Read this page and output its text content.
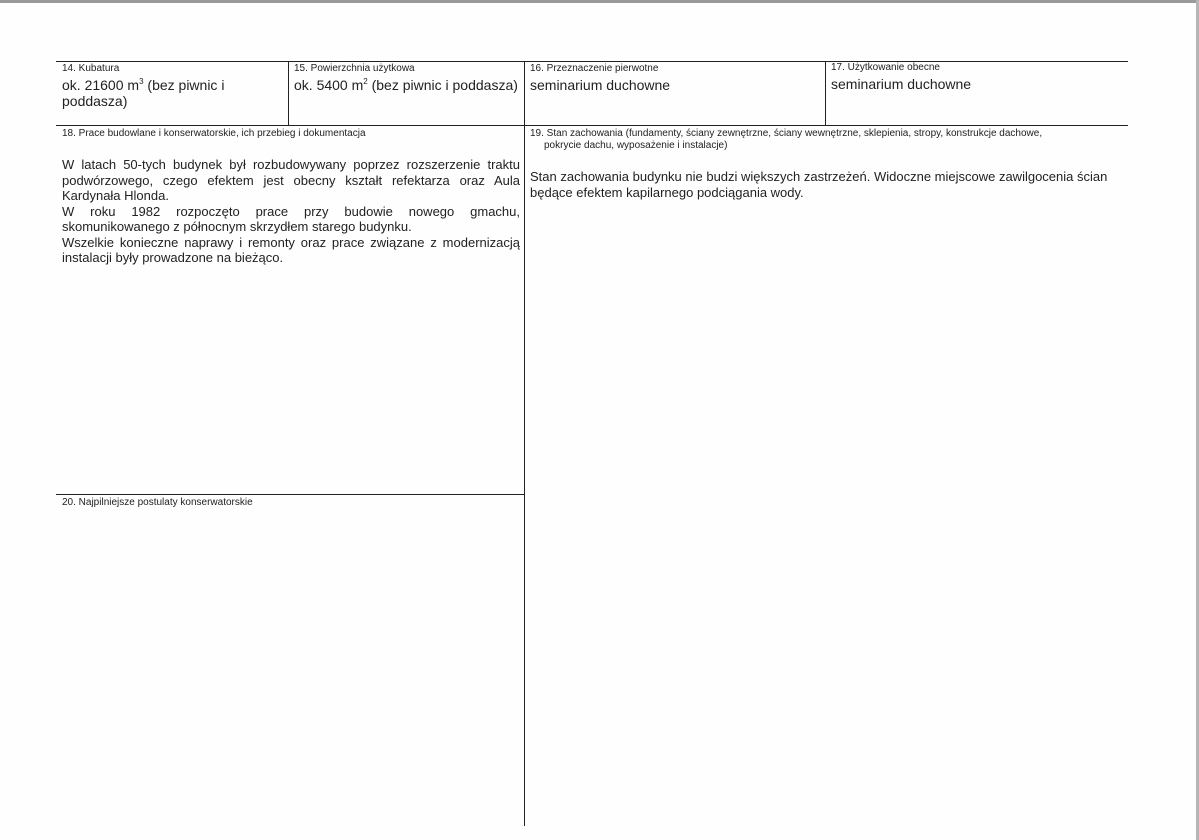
14. Kubatura
ok. 21600 $m^3$ (bez piwnic i poddasza)
15. Powierzchnia użytkowa
ok. 5400 $m^2$ (bez piwnic i poddasza)
16. Przeznaczenie pierwotne
seminarium duchowne
17. Użytkowanie obecne
seminarium duchowne
18. Prace budowlane i konserwatorskie, ich przebieg i dokumentacja

W latach 50-tych budynek był rozbudowywany poprzez rozszerzenie traktu podwórzowego, czego efektem jest obecny kształt refektarza oraz Aula Kardynała Hlonda.

W roku 1982 rozpoczęto prace przy budowie nowego gmachu, skomunikowanego z północnym skrzydłem starego budynku.

Wszelkie konieczne naprawy i remonty oraz prace związane z modernizacją instalacji były prowadzone na bieżąco.

19. Stan zachowania (fundamenty, ściany zewnętrzne, ściany wewnętrzne, sklepienia, stropy, konstrukcje dachowe,
pokrycie dachu, wyposażenie i instalacje)
Stan zachowania budynku nie budzi większych zastrzeżeń. Widoczne miejscowe zawilgocenia ścian będące efektem kapilarnego podciągania wody.
20. Najpilniejsze postulaty konserwatorskie
